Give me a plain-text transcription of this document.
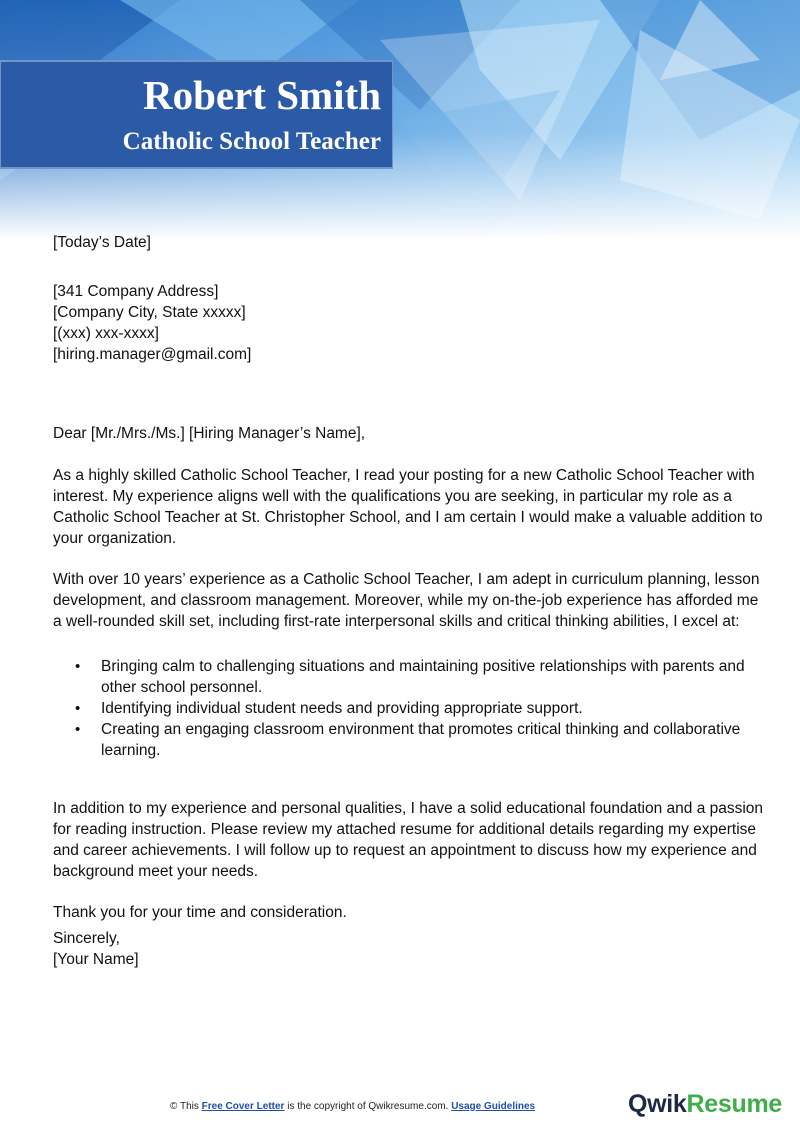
Robert Smith
Catholic School Teacher

[Today’s Date]

[341 Company Address]

[Company City, State xxxxx]

[(xxx) xxx-xxxx]

[hiring.manager@gmail.com]

Dear [Mr./Mrs./Ms.] [Hiring Manager’s Name],

As a highly skilled Catholic School Teacher, I read your posting for a new Catholic School Teacher with interest. My experience aligns well with the qualifications you are seeking, in particular my role as a Catholic School Teacher at St. Christopher School, and I am certain I would make a valuable addition to your organization.

With over 10 years’ experience as a Catholic School Teacher, I am adept in curriculum planning, lesson development, and classroom management. Moreover, while my on-the-job experience has afforded me a well-rounded skill set, including first-rate interpersonal skills and critical thinking abilities, I excel at:

• Bringing calm to challenging situations and maintaining positive relationships with parents and other school personnel.
• Identifying individual student needs and providing appropriate support.
• Creating an engaging classroom environment that promotes critical thinking and collaborative learning.

In addition to my experience and personal qualities, I have a solid educational foundation and a passion for reading instruction. Please review my attached resume for additional details regarding my expertise and career achievements. I will follow up to request an appointment to discuss how my experience and background meet your needs.

Thank you for your time and consideration.

Sincerely,

[Your Name]

© This Free Cover Letter is the copyright of Qwikresume.com. Usage Guidelines	QwikResume
